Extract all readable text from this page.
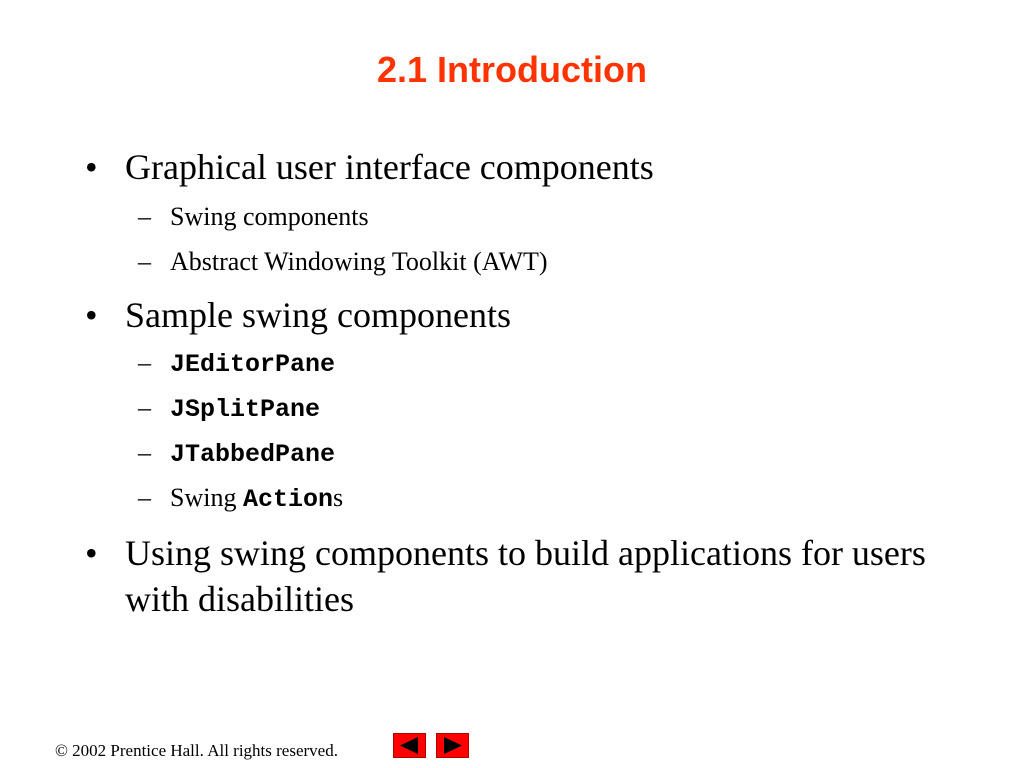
2.1 Introduction
• Graphical user interface components
– Swing components
– Abstract Windowing Toolkit (AWT)
• Sample swing components
– JEditorPane
– JSplitPane
– JTabbedPane
– Swing Actions
• Using swing components to build applications for users with disabilities
© 2002 Prentice Hall. All rights reserved.
